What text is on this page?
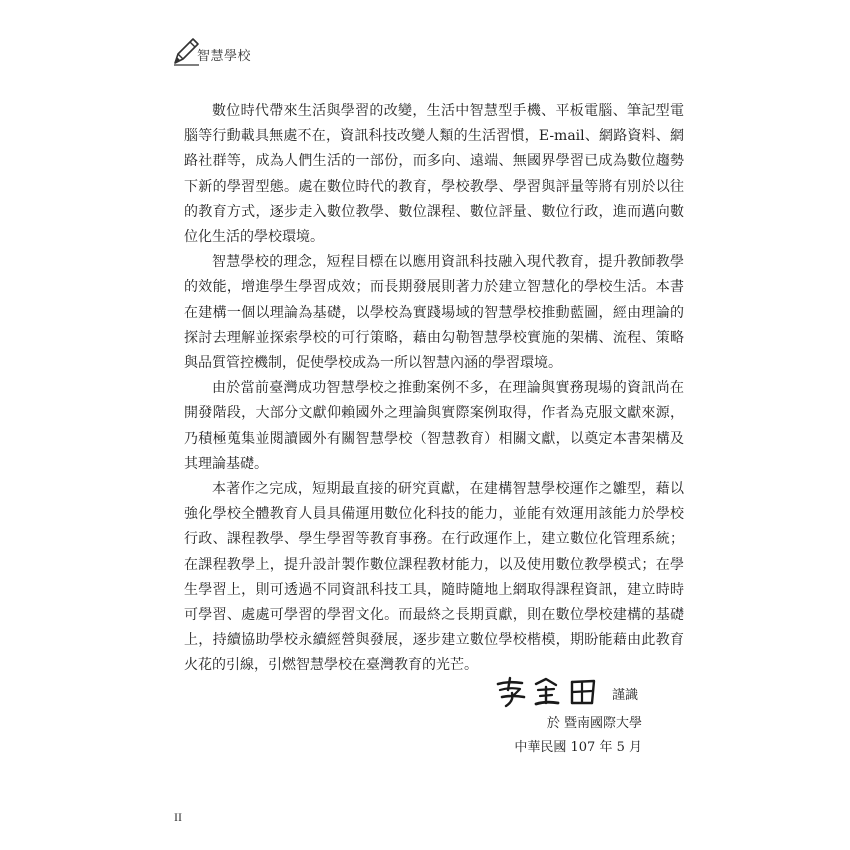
智慧學校

數位時代帶來生活與學習的改變，生活中智慧型手機、平板電腦、筆記型電腦等行動載具無處不在，資訊科技改變人類的生活習慣，E-mail、網路資料、網路社群等，成為人們生活的一部份，而多向、遠端、無國界學習已成為數位趨勢下新的學習型態。處在數位時代的教育，學校教學、學習與評量等將有別於以往的教育方式，逐步走入數位教學、數位課程、數位評量、數位行政，進而邁向數位化生活的學校環境。

智慧學校的理念，短程目標在以應用資訊科技融入現代教育，提升教師教學的效能，增進學生學習成效；而長期發展則著力於建立智慧化的學校生活。本書在建構一個以理論為基礎，以學校為實踐場域的智慧學校推動藍圖，經由理論的探討去理解並探索學校的可行策略，藉由勾勒智慧學校實施的架構、流程、策略與品質管控機制，促使學校成為一所以智慧內涵的學習環境。

由於當前臺灣成功智慧學校之推動案例不多，在理論與實務現場的資訊尚在開發階段，大部分文獻仰賴國外之理論與實際案例取得，作者為克服文獻來源，乃積極蒐集並閱讀國外有關智慧學校（智慧教育）相關文獻，以奠定本書架構及其理論基礎。

本著作之完成，短期最直接的研究貢獻，在建構智慧學校運作之雛型，藉以強化學校全體教育人員具備運用數位化科技的能力，並能有效運用該能力於學校行政、課程教學、學生學習等教育事務。在行政運作上，建立數位化管理系統；在課程教學上，提升設計製作數位課程教材能力，以及使用數位教學模式；在學生學習上，則可透過不同資訊科技工具，隨時隨地上網取得課程資訊，建立時時可學習、處處可學習的學習文化。而最終之長期貢獻，則在數位學校建構的基礎上，持續協助學校永續經營與發展，逐步建立數位學校楷模，期盼能藉由此教育火花的引線，引燃智慧學校在臺灣教育的光芒。

謹識
於 暨南國際大學
中華民國 107 年 5 月
II
